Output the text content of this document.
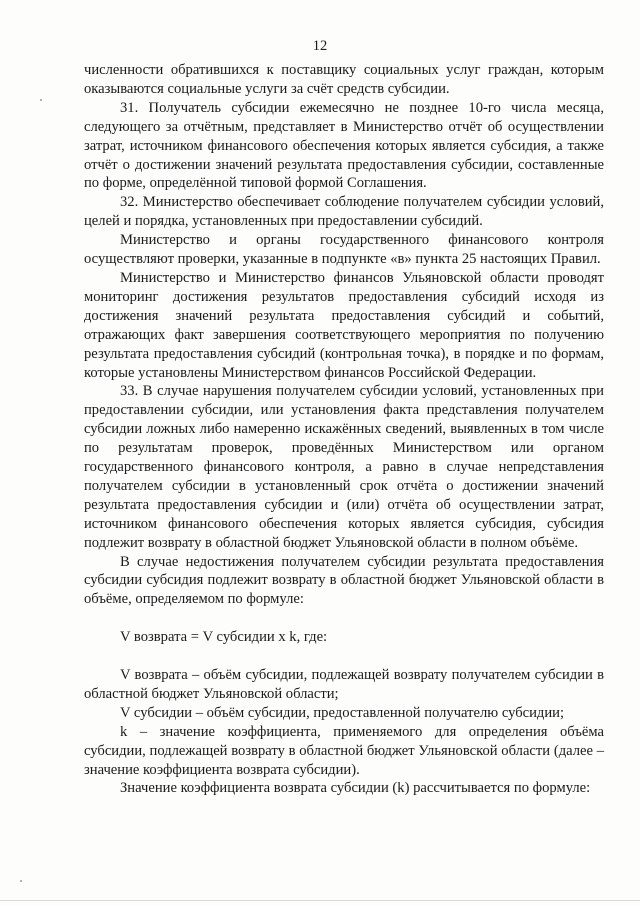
12

численности обратившихся к поставщику социальных услуг граждан, которым оказываются социальные услуги за счёт средств субсидии.

31. Получатель субсидии ежемесячно не позднее 10-го числа месяца, следующего за отчётным, представляет в Министерство отчёт об осуществлении затрат, источником финансового обеспечения которых является субсидия, а также отчёт о достижении значений результата предоставления субсидии, составленные по форме, определённой типовой формой Соглашения.

32. Министерство обеспечивает соблюдение получателем субсидии условий, целей и порядка, установленных при предоставлении субсидий.

Министерство и органы государственного финансового контроля осуществляют проверки, указанные в подпункте «в» пункта 25 настоящих Правил.

Министерство и Министерство финансов Ульяновской области проводят мониторинг достижения результатов предоставления субсидий исходя из достижения значений результата предоставления субсидий и событий, отражающих факт завершения соответствующего мероприятия по получению результата предоставления субсидий (контрольная точка), в порядке и по формам, которые установлены Министерством финансов Российской Федерации.

33. В случае нарушения получателем субсидии условий, установленных при предоставлении субсидии, или установления факта представления получателем субсидии ложных либо намеренно искажённых сведений, выявленных в том числе по результатам проверок, проведённых Министерством или органом государственного финансового контроля, а равно в случае непредставления получателем субсидии в установленный срок отчёта о достижении значений результата предоставления субсидии и (или) отчёта об осуществлении затрат, источником финансового обеспечения которых является субсидия, субсидия подлежит возврату в областной бюджет Ульяновской области в полном объёме.

В случае недостижения получателем субсидии результата предоставления субсидии субсидия подлежит возврату в областной бюджет Ульяновской области в объёме, определяемом по формуле:

V возврата = V субсидии x k, где:

V возврата – объём субсидии, подлежащей возврату получателем субсидии в областной бюджет Ульяновской области;

V субсидии – объём субсидии, предоставленной получателю субсидии;

k – значение коэффициента, применяемого для определения объёма субсидии, подлежащей возврату в областной бюджет Ульяновской области (далее – значение коэффициента возврата субсидии).

Значение коэффициента возврата субсидии (k) рассчитывается по формуле:
